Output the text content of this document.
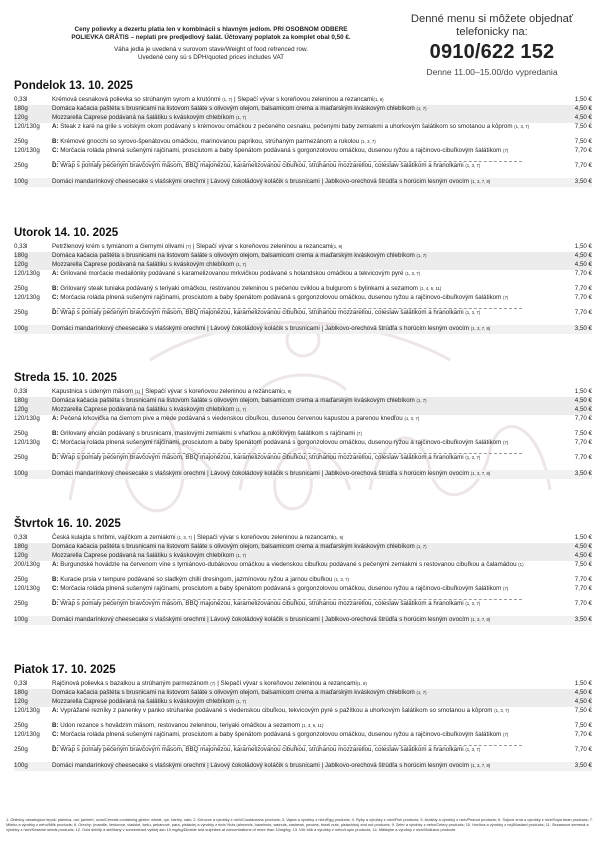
Ceny polievky a dezertu platia len v kombinácii s hlavným jedlom. PRI OSOBNOM ODBERE
POLIEVKA GRÁTIS – neplatí pre predjedlový šalát. Účtovaný poplatok za komplet obal 0,50 €.
Váha jedla je uvedená v surovom stave/Weight of food refrenced row.
Uvedené ceny sú s DPH/quoted prices includes VAT
Denné menu si môžete objednať
telefonicky na:
0910/622 152
Denne 11.00–15.00/do vypredania
Pondelok 13. 10. 2025
0,33l	Krémová cesnaková polievka so strúhaným syrom a krutónmi (1, 7) | Slepačí vývar s koreňovou zeleninou a rezancami(1, 9)	1,50 €
180g	Domáca kačacia paštéta s brusnicami na listovom šaláte s olivovým olejom, balsamicom crema a maďarským kváskovým chlebíkom (1, 7)	4,50 €
120g	Mozzarella Caprese podávaná na šalátiku s kváskovým chlebíkom (1, 7)	4,50 €
120/130g	A: Steak z karé na grile s volským okom podávaný s krémovou omáčkou z pečeného cesnaku, pečenými baby zemiakmi a uhorkovým šalátikom so smotanou a kôprom (1, 3, 7)	7,50 €
250g	B: Krémové gnocchi so syrovo-špenátovou omáčkou, marinovanou paprikou, strúhaným parmezánom a rukolou (1, 3, 7)	7,50 €
120/130g	C: Morčacia roláda plnená sušenými rajčinami, prosciutom a baby špenátom podávaná s gorgonzolovou omáčkou, dusenou ryžou a rajčinovo-cibuľkovým šalátikom (7)	7,70 €
250g	D: Wrap s pomaly pečeným bravčovým mäsom, BBQ majonézou, karamelizovanou cibuľkou, strúhanou mozzarellou, coleslaw šalátikom a hranolkami (1, 3, 7)	7,70 €
100g	Domáci mandarínkový cheesecake s vlašskými orechmi | Lávový čokoládový koláčik s brusnicami | Jablkovo-orechová štrúdľa s horúcim lesným ovocím (1, 3, 7, 8)	3,50 €
Utorok 14. 10. 2025
0,33l	Petržlenový krém s tymiánom a čiernymi olivami (7) | Slepačí vývar s koreňovou zeleninou a rezancami(1, 9)	1,50 €
180g	Domáca kačacia paštéta s brusnicami na listovom šaláte s olivovým olejom, balsamicom crema a maďarským kváskovým chlebíkom (1, 7)	4,50 €
120g	Mozzarella Caprese podávaná na šalátiku s kváskovým chlebíkom (1, 7)	4,50 €
120/130g	A: Grilované morčacie medailónky podávané s karamelizovanou mrkvičkou podávané s holandskou omáčkou a tekvicovým pyré (1, 3, 7)	7,70 €
250g	B: Grilovaný steak tuniaka podávaný s teriyaki omáčkou, restovanou zeleninou s pečenou cviklou a bulgurom s bylinkami a sezamom (1, 4, 6, 11)	7,70 €
120/130g	C: Morčacia roláda plnená sušenými rajčinami, prosciutom a baby špenátom podávaná s gorgonzolovou omáčkou, dusenou ryžou a rajčinovo-cibuľkovým šalátikom (7)	7,70 €
250g	D: Wrap s pomaly pečeným bravčovým mäsom, BBQ majonézou, karamelizovanou cibuľkou, strúhanou mozzarellou, coleslaw šalátikom a hranolkami (1, 3, 7)	7,70 €
100g	Domáci mandarínkový cheesecake s vlašskými orechmi | Lávový čokoládový koláčik s brusnicami | Jablkovo-orechová štrúdľa s horúcim lesným ovocím (1, 3, 7, 8)	3,50 €
Streda 15. 10. 2025
0,33l	Kapustnica s údeným mäsom (1) | Slepačí vývar s koreňovou zeleninou a rezancami(1, 9)	1,50 €
180g	Domáca kačacia paštéta s brusnicami na listovom šaláte s olivovým olejom, balsamicom crema a maďarským kváskovým chlebíkom (1, 7)	4,50 €
120g	Mozzarella Caprese podávaná na šalátiku s kváskovým chlebíkom (1, 7)	4,50 €
120/130g	A: Pečená krkovička na čiernom pive a mede podávaná s viedenskou cibuľkou, dusenou červenou kapustou a parenou knedľou (1, 3, 7)	7,70 €
250g	B: Grilovaný encián podávaný s brusnicami, maslovými zemiakmi s vňaťkou a rukolovým šalátikom s rajčinami (7)	7,50 €
120/130g	C: Morčacia roláda plnená sušenými rajčinami, prosciutom a baby špenátom podávaná s gorgonzolovou omáčkou, dusenou ryžou a rajčinovo-cibuľkovým šalátikom (7)	7,70 €
250g	D: Wrap s pomaly pečeným bravčovým mäsom, BBQ majonézou, karamelizovanou cibuľkou, strúhanou mozzarellou, coleslaw šalátikom a hranolkami (1, 3, 7)	7,70 €
100g	Domáci mandarínkový cheesecake s vlašskými orechmi | Lávový čokoládový koláčik s brusnicami | Jablkovo-orechová štrúdľa s horúcim lesným ovocím (1, 3, 7, 8)	3,50 €
Štvrtok 16. 10. 2025
0,33l	Česká kulajda s hríbmi, vajíčkom a zemiakmi (1, 3, 7) | Slepačí vývar s koreňovou zeleninou a rezancami(1, 9)	1,50 €
180g	Domáca kačacia paštéta s brusnicami na listovom šaláte s olivovým olejom, balsamicom crema a maďarským kváskovým chlebíkom (1, 7)	4,50 €
120g	Mozzarella Caprese podávaná na šalátiku s kváskovým chlebíkom (1, 7)	4,50 €
200/130g	A: Burgundské hovädzie na červenom víne s tymiánovo-dubákovou omáčkou a viedenskou cibuľkou podávané s pečenými zemiakmi s restovanou cibuľkou a čalamádou (1)	7,50 €
250g	B: Kuracie prsia v tempure podávané so sladkým chilli dresingom, jazmínovou ryžou a jarnou cibuľkou (1, 3, 7)	7,70 €
120/130g	C: Morčacia roláda plnená sušenými rajčinami, prosciutom a baby špenátom podávaná s gorgonzolovou omáčkou, dusenou ryžou a rajčinovo-cibuľkovým šalátikom (7)	7,70 €
250g	D: Wrap s pomaly pečeným bravčovým mäsom, BBQ majonézou, karamelizovanou cibuľkou, strúhanou mozzarellou, coleslaw šalátikom a hranolkami (1, 3, 7)	7,70 €
100g	Domáci mandarínkový cheesecake s vlašskými orechmi | Lávový čokoládový koláčik s brusnicami | Jablkovo-orechová štrúdľa s horúcim lesným ovocím (1, 3, 7, 8)	3,50 €
Piatok 17. 10. 2025
0,33l	Rajčinová polievka s bazalkou a strúhaným parmezánom (7) | Slepačí vývar s koreňovou zeleninou a rezancami(1, 9)	1,50 €
180g	Domáca kačacia paštéta s brusnicami na listovom šaláte s olivovým olejom, balsamicom crema a maďarským kváskovým chlebíkom (1, 7)	4,50 €
120g	Mozzarella Caprese podávaná na šalátiku s kváskovým chlebíkom (1, 7)	4,50 €
120/130g	A: Vyprážané rezníky z panenky v panko strúhanke podávané s viedenskou cibuľkou, tekvicovým pyré s pažítkou a uhorkovým šalátikom so smotanou a kôprom (1, 3, 7)	7,50 €
250g	B: Udon rezance s hovädzím mäsom, restovanou zeleninou, teriyaki omáčkou a sezamom (1, 3, 6, 11)	7,50 €
120/130g	C: Morčacia roláda plnená sušenými rajčinami, prosciutom a baby špenátom podávaná s gorgonzolovou omáčkou, dusenou ryžou a rajčinovo-cibuľkovým šalátikom (7)	7,70 €
250g	D: Wrap s pomaly pečeným bravčovým mäsom, BBQ majonézou, karamelizovanou cibuľkou, strúhanou mozzarellou, coleslaw šalátikom a hranolkami (1, 3, 7)	7,70 €
100g	Domáci mandarínkový cheesecake s vlašskými orechmi | Lávový čokoládový koláčik s brusnicami | Jablkovo-orechová štrúdľa s horúcim lesným ovocím (1, 3, 7, 8)	3,50 €
1. Obilniny obsahujúce lepok: pšenica, raž, jačmeň, ovos/Cereals containing gluten: wheat, rye, barley, oats; 2. Kôrovce a výrobky z nich/Crustaceans products; 3. Vajcia a výrobky z nich/Egg products; 4. Ryby a výrobky z nich/Fish products; 5. Arašidy a výrobky z nich/Peanut products; 6. Sójové zrná a výrobky z nich/Soya bean products; 7. Mlieko a výrobky z neho/Milk products; 8. Orechy: (mandle, lieskovce, vlašské, kešu, pekanové, para, pistácie) a výrobky z nich/ Nuts (almonds, hazelnuts, walnuts, cashews, pecans, brazil nuts, pistachios) and nut products; 9. Zeler a výrobky z neho/Celery products; 10. Horčica a výrobky z nej/Mustard products; 11. Sezamové semená a výrobky z nich/Sesame seeds products; 12. Oxid siričitý a siričitany v koncentrácii vyššej ako 10 mg/kg/Dioxide and sulphites at concentrations of more than 10mg/kg; 13. Vlčí bôb a výrobky z neho/Lupin products; 14. Mäkkýše a výrobky z nich/Molluscs products
